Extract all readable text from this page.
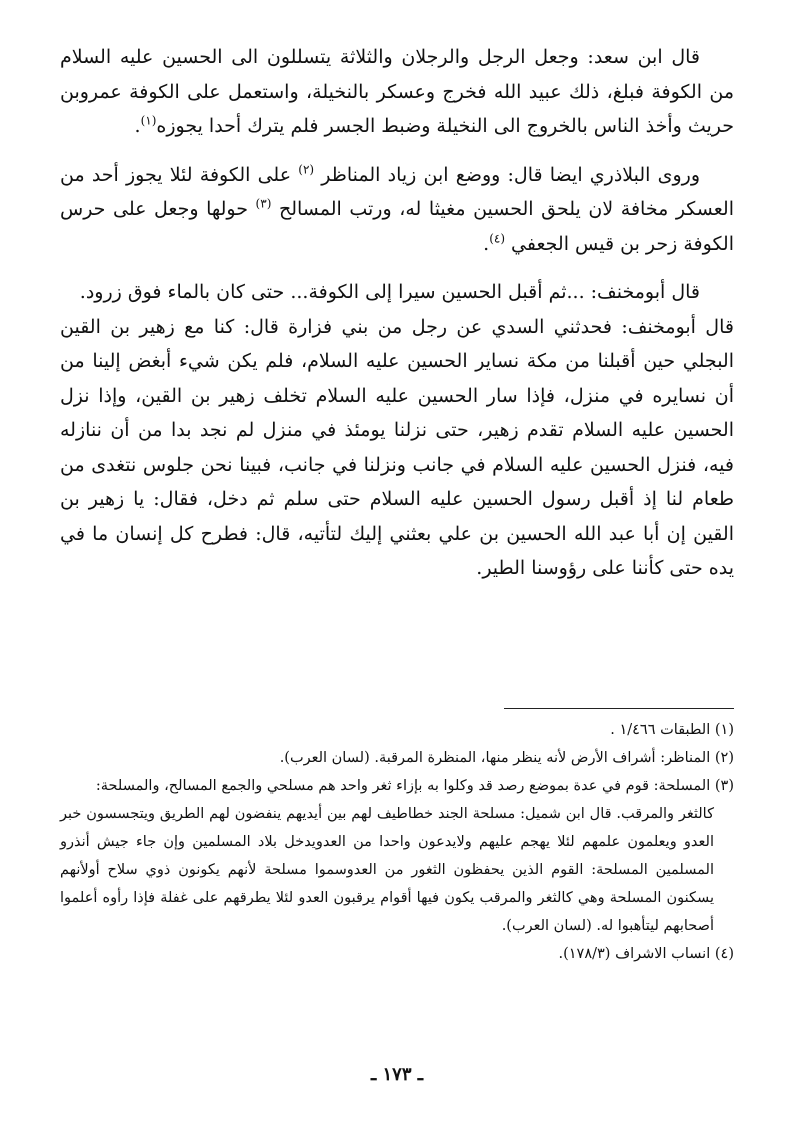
قال ابن سعد: وجعل الرجل والرجلان والثلاثة يتسللون الى الحسين عليه السلام من الكوفة فبلغ، ذلك عبيد الله فخرج وعسكر بالنخيلة، واستعمل على الكوفة عمروبن حريث وأخذ الناس بالخروج الى النخيلة وضبط الجسر فلم يترك أحدا يجوزه$^{(١)}$.

وروى البلاذري ايضا قال: ووضع ابن زياد المناظر $^{(٢)}$ على الكوفة لئلا يجوز أحد من العسكر مخافة لان يلحق الحسين مغيثا له، ورتب المسالح $^{(٣)}$ حولها وجعل على حرس الكوفة زحر بن قيس الجعفي $^{(٤)}$.

قال أبومخنف: ...ثم أقبل الحسين سيرا إلى الكوفة... حتى كان بالماء فوق زرود.

قال أبومخنف: فحدثني السدي عن رجل من بني فزارة قال: كنا مع زهير بن القين البجلي حين أقبلنا من مكة نساير الحسين عليه السلام، فلم يكن شيء أبغض إلينا من أن نسايره في منزل، فإذا سار الحسين عليه السلام تخلف زهير بن القين، وإذا نزل الحسين عليه السلام تقدم زهير، حتى نزلنا يومئذ في منزل لم نجد بدا من أن ننازله فيه، فنزل الحسين عليه السلام في جانب ونزلنا في جانب، فبينا نحن جلوس نتغدى من طعام لنا إذ أقبل رسول الحسين عليه السلام حتى سلم ثم دخل، فقال: يا زهير بن القين إن أبا عبد الله الحسين بن علي بعثني إليك لتأتيه، قال: فطرح كل إنسان ما في يده حتى كأننا على رؤوسنا الطير.

(١) الطبقات ١/٤٦٦ .

(٢) المناظر: أشراف الأرض لأنه ينظر منها، المنظرة المرقبة. (لسان العرب).

(٣) المسلحة: قوم في عدة بموضع رصد قد وكلوا به بإزاء ثغر واحد هم مسلحي والجمع المسالح، والمسلحة:

كالثغر والمرقب. قال ابن شميل: مسلحة الجند خطاطيف لهم بين أيديهم ينفضون لهم الطريق ويتجسسون خبر العدو ويعلمون علمهم لئلا يهجم عليهم ولايدعون واحدا من العدويدخل بلاد المسلمين وإن جاء جيش أنذرو المسلمين المسلحة: القوم الذين يحفظون الثغور من العدوسموا مسلحة لأنهم يكونون ذوي سلاح أولأنهم يسكنون المسلحة وهي كالثغر والمرقب يكون فيها أقوام يرقبون العدو لئلا يطرقهم على غفلة فإذا رأوه أعلموا أصحابهم ليتأهبوا له. (لسان العرب).

(٤) انساب الاشراف (١٧٨/٣).

ـ ١٧٣ ـ
